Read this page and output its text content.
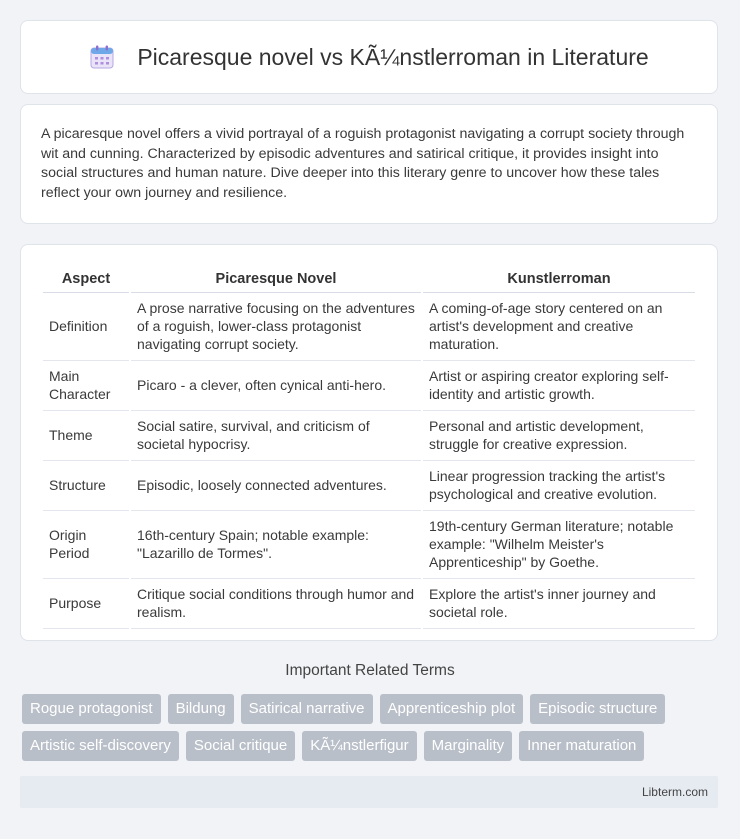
Picaresque novel vs KÃ¼nstlerroman in Literature

A picaresque novel offers a vivid portrayal of a roguish protagonist navigating a corrupt society through wit and cunning. Characterized by episodic adventures and satirical critique, it provides insight into social structures and human nature. Dive deeper into this literary genre to uncover how these tales reflect your own journey and resilience.

Aspect	Picaresque Novel	Kunstlerroman
Definition	A prose narrative focusing on the adventures of a roguish, lower-class protagonist navigating corrupt society.	A coming-of-age story centered on an artist's development and creative maturation.
Main Character	Picaro - a clever, often cynical anti-hero.	Artist or aspiring creator exploring self-identity and artistic growth.
Theme	Social satire, survival, and criticism of societal hypocrisy.	Personal and artistic development, struggle for creative expression.
Structure	Episodic, loosely connected adventures.	Linear progression tracking the artist's psychological and creative evolution.
Origin Period	16th-century Spain; notable example: "Lazarillo de Tormes".	19th-century German literature; notable example: "Wilhelm Meister's Apprenticeship" by Goethe.
Purpose	Critique social conditions through humor and realism.	Explore the artist's inner journey and societal role.
Important Related Terms
Rogue protagonist	Bildung	Satirical narrative	Apprenticeship plot	Episodic structure
Artistic self-discovery	Social critique	KÃ¼nstlerfigur	Marginality	Inner maturation
Libterm.com
